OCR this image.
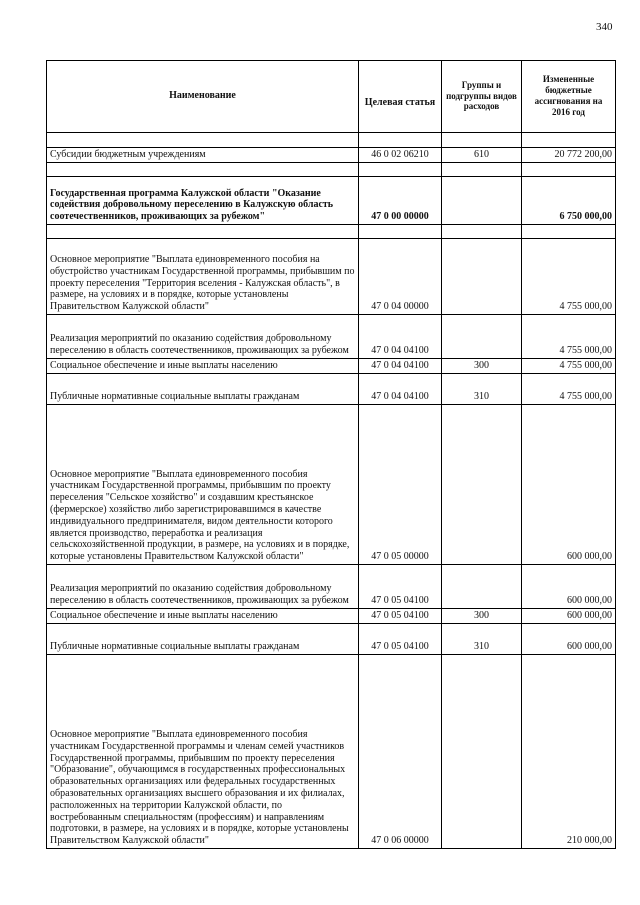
340
Наименование	Целевая статья	Группы и подгруппы видов расходов	Измененные бюджетные ассигнования на 2016 год

Субсидии бюджетным учреждениям	46 0 02 06210	610	20 772 200,00

Государственная программа Калужской области "Оказание содействия добровольному переселению в Калужскую область соотечественников, проживающих за рубежом"	47 0 00 00000		6 750 000,00

Основное мероприятие "Выплата единовременного пособия на обустройство участникам Государственной программы, прибывшим по проекту переселения "Территория вселения - Калужская область", в размере, на условиях и в порядке, которые установлены Правительством Калужской области"	47 0 04 00000		4 755 000,00
Реализация мероприятий по оказанию содействия добровольному переселению в область соотечественников, проживающих за рубежом	47 0 04 04100		4 755 000,00
Социальное обеспечение и иные выплаты населению	47 0 04 04100	300	4 755 000,00
Публичные нормативные социальные выплаты гражданам	47 0 04 04100	310	4 755 000,00
Основное мероприятие "Выплата единовременного пособия участникам Государственной программы, прибывшим по проекту переселения "Сельское хозяйство" и создавшим крестьянское (фермерское) хозяйство либо зарегистрировавшимся в качестве индивидуального предпринимателя, видом деятельности которого является производство, переработка и реализация сельскохозяйственной продукции, в размере, на условиях и в порядке, которые установлены Правительством Калужской области"	47 0 05 00000		600 000,00
Реализация мероприятий по оказанию содействия добровольному переселению в область соотечественников, проживающих за рубежом	47 0 05 04100		600 000,00
Социальное обеспечение и иные выплаты населению	47 0 05 04100	300	600 000,00
Публичные нормативные социальные выплаты гражданам	47 0 05 04100	310	600 000,00
Основное мероприятие "Выплата единовременного пособия участникам Государственной программы и членам семей участников Государственной программы, прибывшим по проекту переселения "Образование", обучающимся в государственных профессиональных образовательных организациях или федеральных государственных образовательных организациях высшего образования и их филиалах, расположенных на территории Калужской области, по востребованным специальностям (профессиям) и направлениям подготовки, в размере, на условиях и в порядке, которые установлены Правительством Калужской области"	47 0 06 00000		210 000,00
